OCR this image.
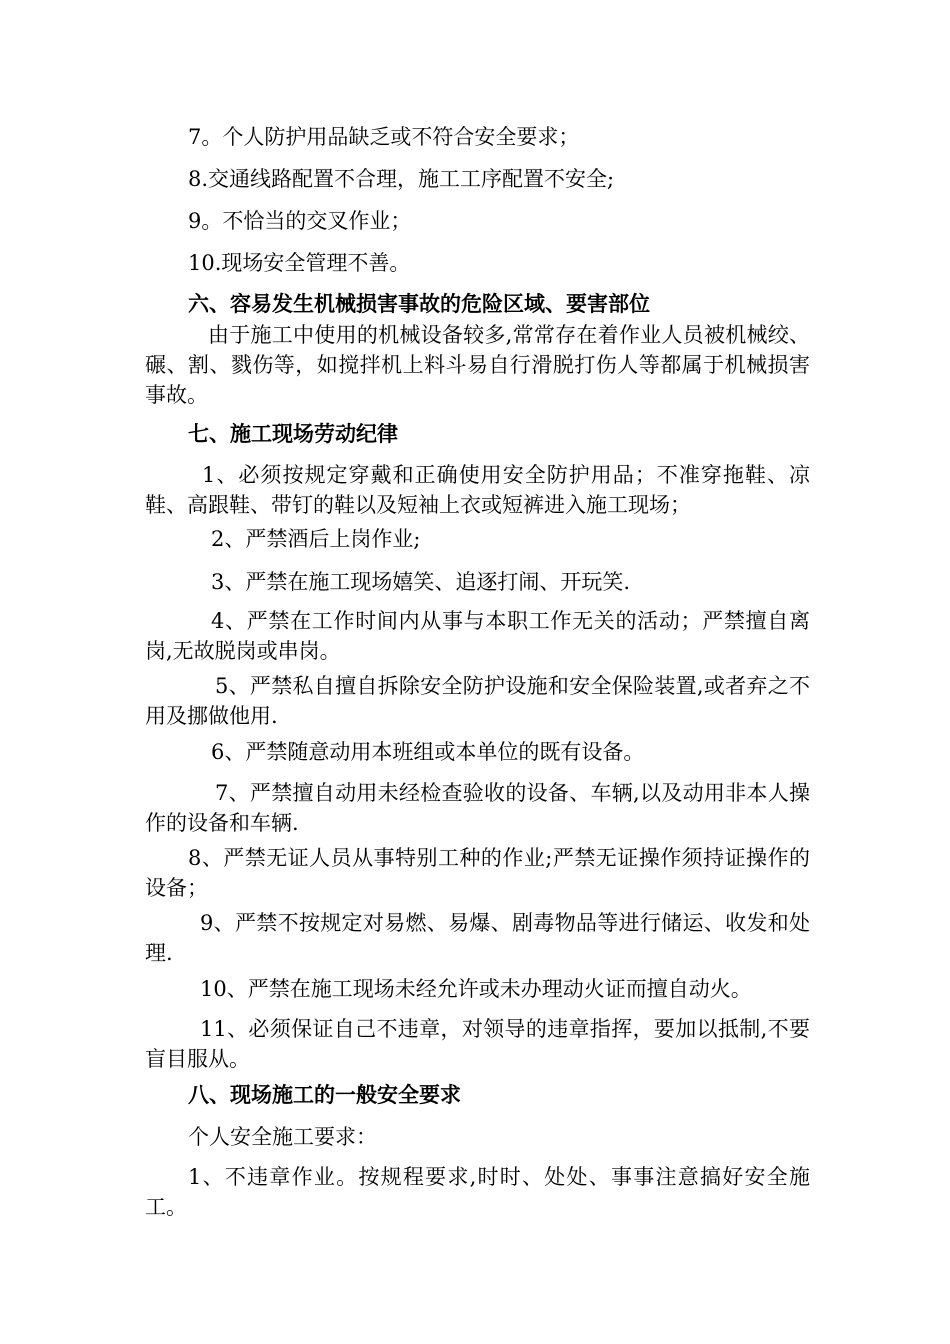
7。个人防护用品缺乏或不符合安全要求；
8.交通线路配置不合理，施工工序配置不安全;
9。不恰当的交叉作业；
10.现场安全管理不善。
六、容易发生机械损害事故的危险区域、要害部位
由于施工中使用的机械设备较多,常常存在着作业人员被机械绞、碾、割、戮伤等，如搅拌机上料斗易自行滑脱打伤人等都属于机械损害事故。
七、施工现场劳动纪律
1、必须按规定穿戴和正确使用安全防护用品；不准穿拖鞋、凉鞋、高跟鞋、带钉的鞋以及短袖上衣或短裤进入施工现场；
2、严禁酒后上岗作业;
3、严禁在施工现场嬉笑、追逐打闹、开玩笑.
4、严禁在工作时间内从事与本职工作无关的活动；严禁擅自离岗,无故脱岗或串岗。
5、严禁私自擅自拆除安全防护设施和安全保险装置,或者弃之不用及挪做他用.
6、严禁随意动用本班组或本单位的既有设备。
7、严禁擅自动用未经检查验收的设备、车辆,以及动用非本人操作的设备和车辆.
8、严禁无证人员从事特别工种的作业;严禁无证操作须持证操作的设备；
9、严禁不按规定对易燃、易爆、剧毒物品等进行储运、收发和处理.
10、严禁在施工现场未经允许或未办理动火证而擅自动火。
11、必须保证自己不违章，对领导的违章指挥，要加以抵制,不要盲目服从。
八、现场施工的一般安全要求
个人安全施工要求：
1、不违章作业。按规程要求,时时、处处、事事注意搞好安全施工。
